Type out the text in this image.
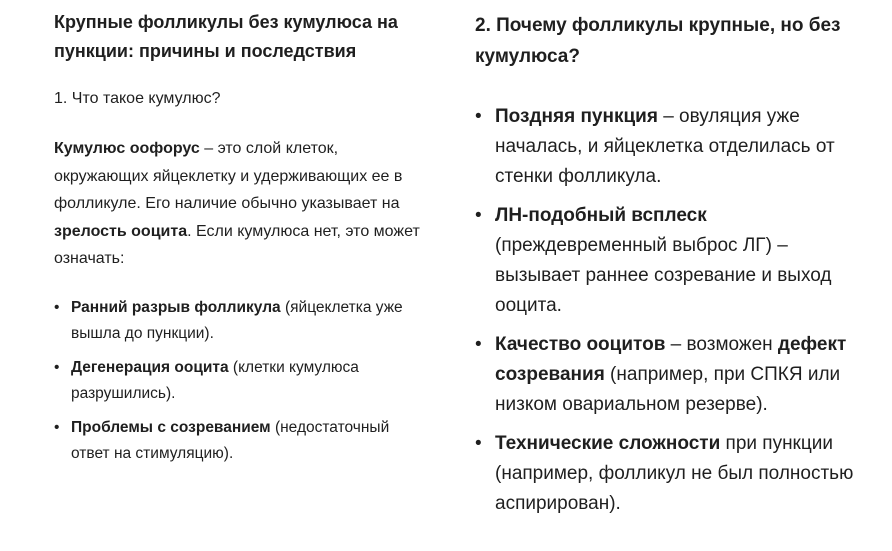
Крупные фолликулы без кумулюса на пункции: причины и последствия
1. Что такое кумулюс?

Кумулюс оофорус – это слой клеток, окружающих яйцеклетку и удерживающих ее в фолликуле. Его наличие обычно указывает на зрелость ооцита. Если кумулюса нет, это может означать:

• Ранний разрыв фолликула (яйцеклетка уже вышла до пункции).
• Дегенерация ооцита (клетки кумулюса разрушились).
• Проблемы с созреванием (недостаточный ответ на стимуляцию).
2. Почему фолликулы крупные, но без кумулюса?
• Поздняя пункция – овуляция уже началась, и яйцеклетка отделилась от стенки фолликула.
• ЛН-подобный всплеск (преждевременный выброс ЛГ) – вызывает раннее созревание и выход ооцита.
• Качество ооцитов – возможен дефект созревания (например, при СПКЯ или низком овариальном резерве).
• Технические сложности при пункции (например, фолликул не был полностью аспирирован).
